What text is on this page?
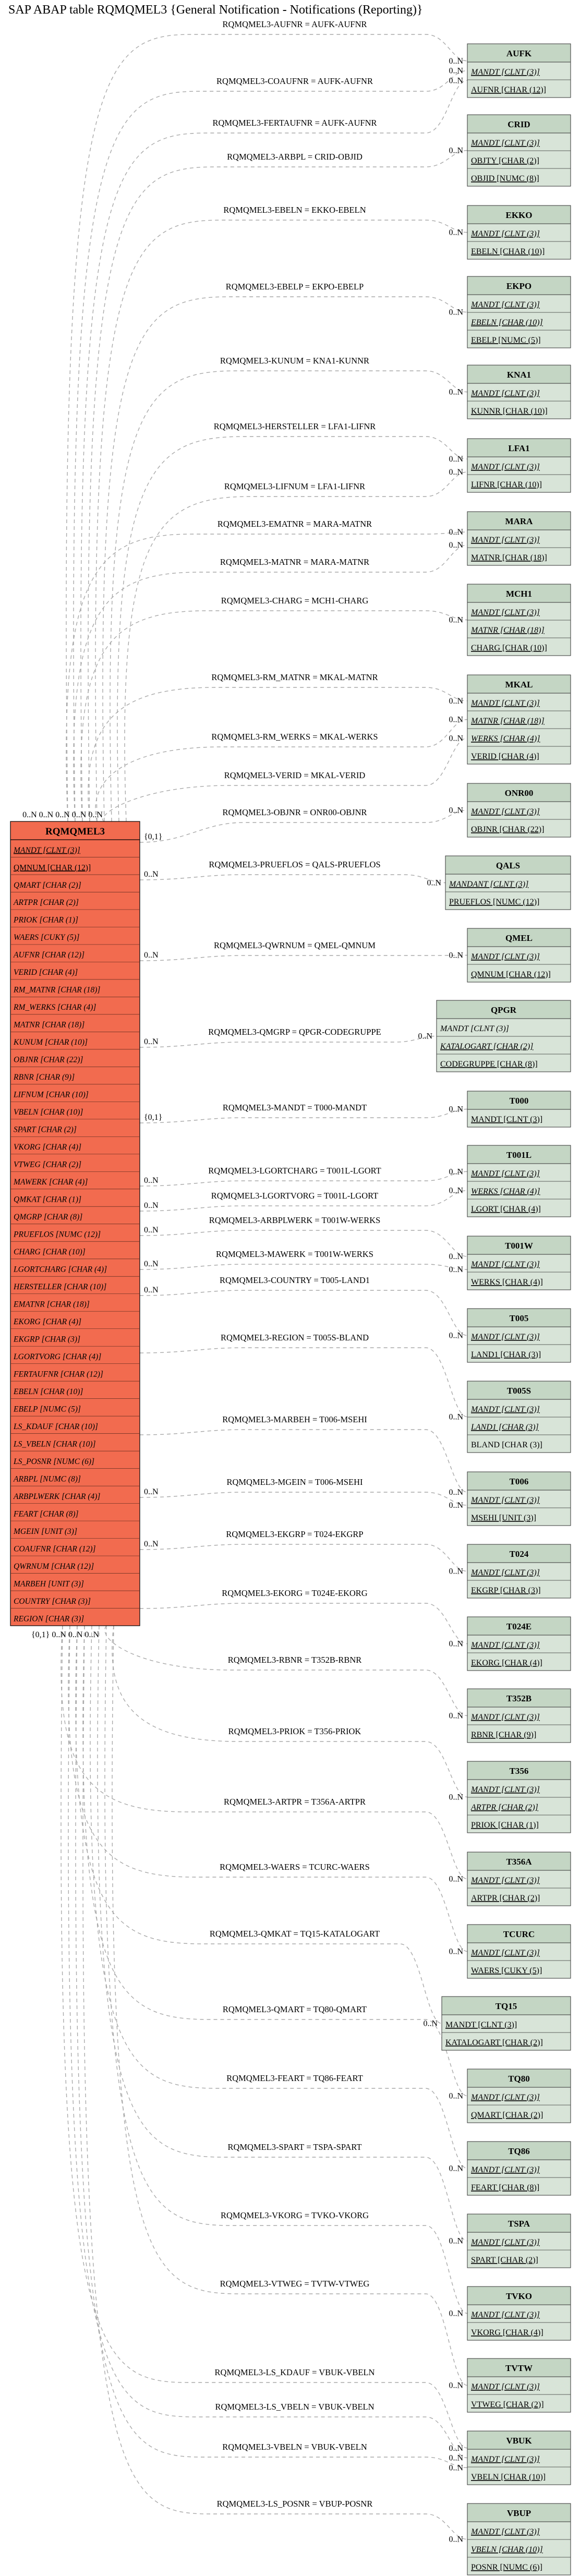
SAP ABAP table RQMQMEL3 {General Notification - Notifications (Reporting)}
RQMQMEL3
MANDT [CLNT (3)]
QMNUM [CHAR (12)]
QMART [CHAR (2)]
ARTPR [CHAR (2)]
PRIOK [CHAR (1)]
WAERS [CUKY (5)]
AUFNR [CHAR (12)]
VERID [CHAR (4)]
RM_MATNR [CHAR (18)]
RM_WERKS [CHAR (4)]
MATNR [CHAR (18)]
KUNUM [CHAR (10)]
OBJNR [CHAR (22)]
RBNR [CHAR (9)]
LIFNUM [CHAR (10)]
VBELN [CHAR (10)]
SPART [CHAR (2)]
VKORG [CHAR (4)]
VTWEG [CHAR (2)]
MAWERK [CHAR (4)]
QMKAT [CHAR (1)]
QMGRP [CHAR (8)]
PRUEFLOS [NUMC (12)]
CHARG [CHAR (10)]
LGORTCHARG [CHAR (4)]
HERSTELLER [CHAR (10)]
EMATNR [CHAR (18)]
EKORG [CHAR (4)]
EKGRP [CHAR (3)]
LGORTVORG [CHAR (4)]
FERTAUFNR [CHAR (12)]
EBELN [CHAR (10)]
EBELP [NUMC (5)]
LS_KDAUF [CHAR (10)]
LS_VBELN [CHAR (10)]
LS_POSNR [NUMC (6)]
ARBPL [NUMC (8)]
ARBPLWERK [CHAR (4)]
FEART [CHAR (8)]
MGEIN [UNIT (3)]
COAUFNR [CHAR (12)]
QWRNUM [CHAR (12)]
MARBEH [UNIT (3)]
COUNTRY [CHAR (3)]
REGION [CHAR (3)]
0..N 0..N 0..N 0..N 0..N
{0,1} 0..N 0..N 0..N
AUFK
MANDT [CLNT (3)]
AUFNR [CHAR (12)]
CRID
MANDT [CLNT (3)]
OBJTY [CHAR (2)]
OBJID [NUMC (8)]
EKKO
MANDT [CLNT (3)]
EBELN [CHAR (10)]
EKPO
MANDT [CLNT (3)]
EBELN [CHAR (10)]
EBELP [NUMC (5)]
KNA1
MANDT [CLNT (3)]
KUNNR [CHAR (10)]
LFA1
MANDT [CLNT (3)]
LIFNR [CHAR (10)]
MARA
MANDT [CLNT (3)]
MATNR [CHAR (18)]
MCH1
MANDT [CLNT (3)]
MATNR [CHAR (18)]
CHARG [CHAR (10)]
MKAL
MANDT [CLNT (3)]
MATNR [CHAR (18)]
WERKS [CHAR (4)]
VERID [CHAR (4)]
ONR00
MANDT [CLNT (3)]
OBJNR [CHAR (22)]
QALS
MANDANT [CLNT (3)]
PRUEFLOS [NUMC (12)]
QMEL
MANDT [CLNT (3)]
QMNUM [CHAR (12)]
QPGR
MANDT [CLNT (3)]
KATALOGART [CHAR (2)]
CODEGRUPPE [CHAR (8)]
T000
MANDT [CLNT (3)]
T001L
MANDT [CLNT (3)]
WERKS [CHAR (4)]
LGORT [CHAR (4)]
T001W
MANDT [CLNT (3)]
WERKS [CHAR (4)]
T005
MANDT [CLNT (3)]
LAND1 [CHAR (3)]
T005S
MANDT [CLNT (3)]
LAND1 [CHAR (3)]
BLAND [CHAR (3)]
T006
MANDT [CLNT (3)]
MSEHI [UNIT (3)]
T024
MANDT [CLNT (3)]
EKGRP [CHAR (3)]
T024E
MANDT [CLNT (3)]
EKORG [CHAR (4)]
T352B
MANDT [CLNT (3)]
RBNR [CHAR (9)]
T356
MANDT [CLNT (3)]
ARTPR [CHAR (2)]
PRIOK [CHAR (1)]
T356A
MANDT [CLNT (3)]
ARTPR [CHAR (2)]
TCURC
MANDT [CLNT (3)]
WAERS [CUKY (5)]
TQ15
MANDT [CLNT (3)]
KATALOGART [CHAR (2)]
TQ80
MANDT [CLNT (3)]
QMART [CHAR (2)]
TQ86
MANDT [CLNT (3)]
FEART [CHAR (8)]
TSPA
MANDT [CLNT (3)]
SPART [CHAR (2)]
TVKO
MANDT [CLNT (3)]
VKORG [CHAR (4)]
TVTW
MANDT [CLNT (3)]
VTWEG [CHAR (2)]
VBUK
MANDT [CLNT (3)]
VBELN [CHAR (10)]
VBUP
MANDT [CLNT (3)]
VBELN [CHAR (10)]
POSNR [NUMC (6)]
RQMQMEL3-AUFNR = AUFK-AUFNR
0..N
RQMQMEL3-COAUFNR = AUFK-AUFNR
0..N
RQMQMEL3-FERTAUFNR = AUFK-AUFNR
0..N
RQMQMEL3-ARBPL = CRID-OBJID
0..N
RQMQMEL3-EBELN = EKKO-EBELN
0..N
RQMQMEL3-EBELP = EKPO-EBELP
0..N
RQMQMEL3-KUNUM = KNA1-KUNNR
0..N
RQMQMEL3-HERSTELLER = LFA1-LIFNR
0..N
RQMQMEL3-LIFNUM = LFA1-LIFNR
0..N
RQMQMEL3-EMATNR = MARA-MATNR
0..N
RQMQMEL3-MATNR = MARA-MATNR
0..N
RQMQMEL3-CHARG = MCH1-CHARG
0..N
RQMQMEL3-RM_MATNR = MKAL-MATNR
0..N
RQMQMEL3-RM_WERKS = MKAL-WERKS
0..N
RQMQMEL3-VERID = MKAL-VERID
0..N
RQMQMEL3-OBJNR = ONR00-OBJNR	0..N
{0,1}
RQMQMEL3-PRUEFLOS = QALS-PRUEFLOS
0..N
0..N
RQMQMEL3-QWRNUM = QMEL-QMNUM
0..N
0..N
RQMQMEL3-QMGRP = QPGR-CODEGRUPPE	0..N
0..N
RQMQMEL3-MANDT = T000-MANDT	0..N
{0,1}
RQMQMEL3-LGORTCHARG = T001L-LGORT	0..N
0..N
RQMQMEL3-LGORTVORG = T001L-LGORT	0..N
0..N
RQMQMEL3-ARBPLWERK = T001W-WERKS
0..N
0..N
RQMQMEL3-MAWERK = T001W-WERKS
0..N
0..N
RQMQMEL3-COUNTRY = T005-LAND1
0..N
0..N
RQMQMEL3-REGION = T005S-BLAND
0..N
RQMQMEL3-MARBEH = T006-MSEHI
0..N
RQMQMEL3-MGEIN = T006-MSEHI
0..N
0..N
RQMQMEL3-EKGRP = T024-EKGRP
0..N
0..N
RQMQMEL3-EKORG = T024E-EKORG
0..N
RQMQMEL3-RBNR = T352B-RBNR
0..N
RQMQMEL3-PRIOK = T356-PRIOK
0..N
RQMQMEL3-ARTPR = T356A-ARTPR
0..N
RQMQMEL3-WAERS = TCURC-WAERS
0..N
RQMQMEL3-QMKAT = TQ15-KATALOGART
0..N
RQMQMEL3-QMART = TQ80-QMART
0..N
RQMQMEL3-FEART = TQ86-FEART
0..N
RQMQMEL3-SPART = TSPA-SPART
0..N
RQMQMEL3-VKORG = TVKO-VKORG
0..N
RQMQMEL3-VTWEG = TVTW-VTWEG
0..N
RQMQMEL3-LS_KDAUF = VBUK-VBELN
0..N
RQMQMEL3-LS_VBELN = VBUK-VBELN
0..N
RQMQMEL3-VBELN = VBUK-VBELN
0..N
RQMQMEL3-LS_POSNR = VBUP-POSNR
0..N
